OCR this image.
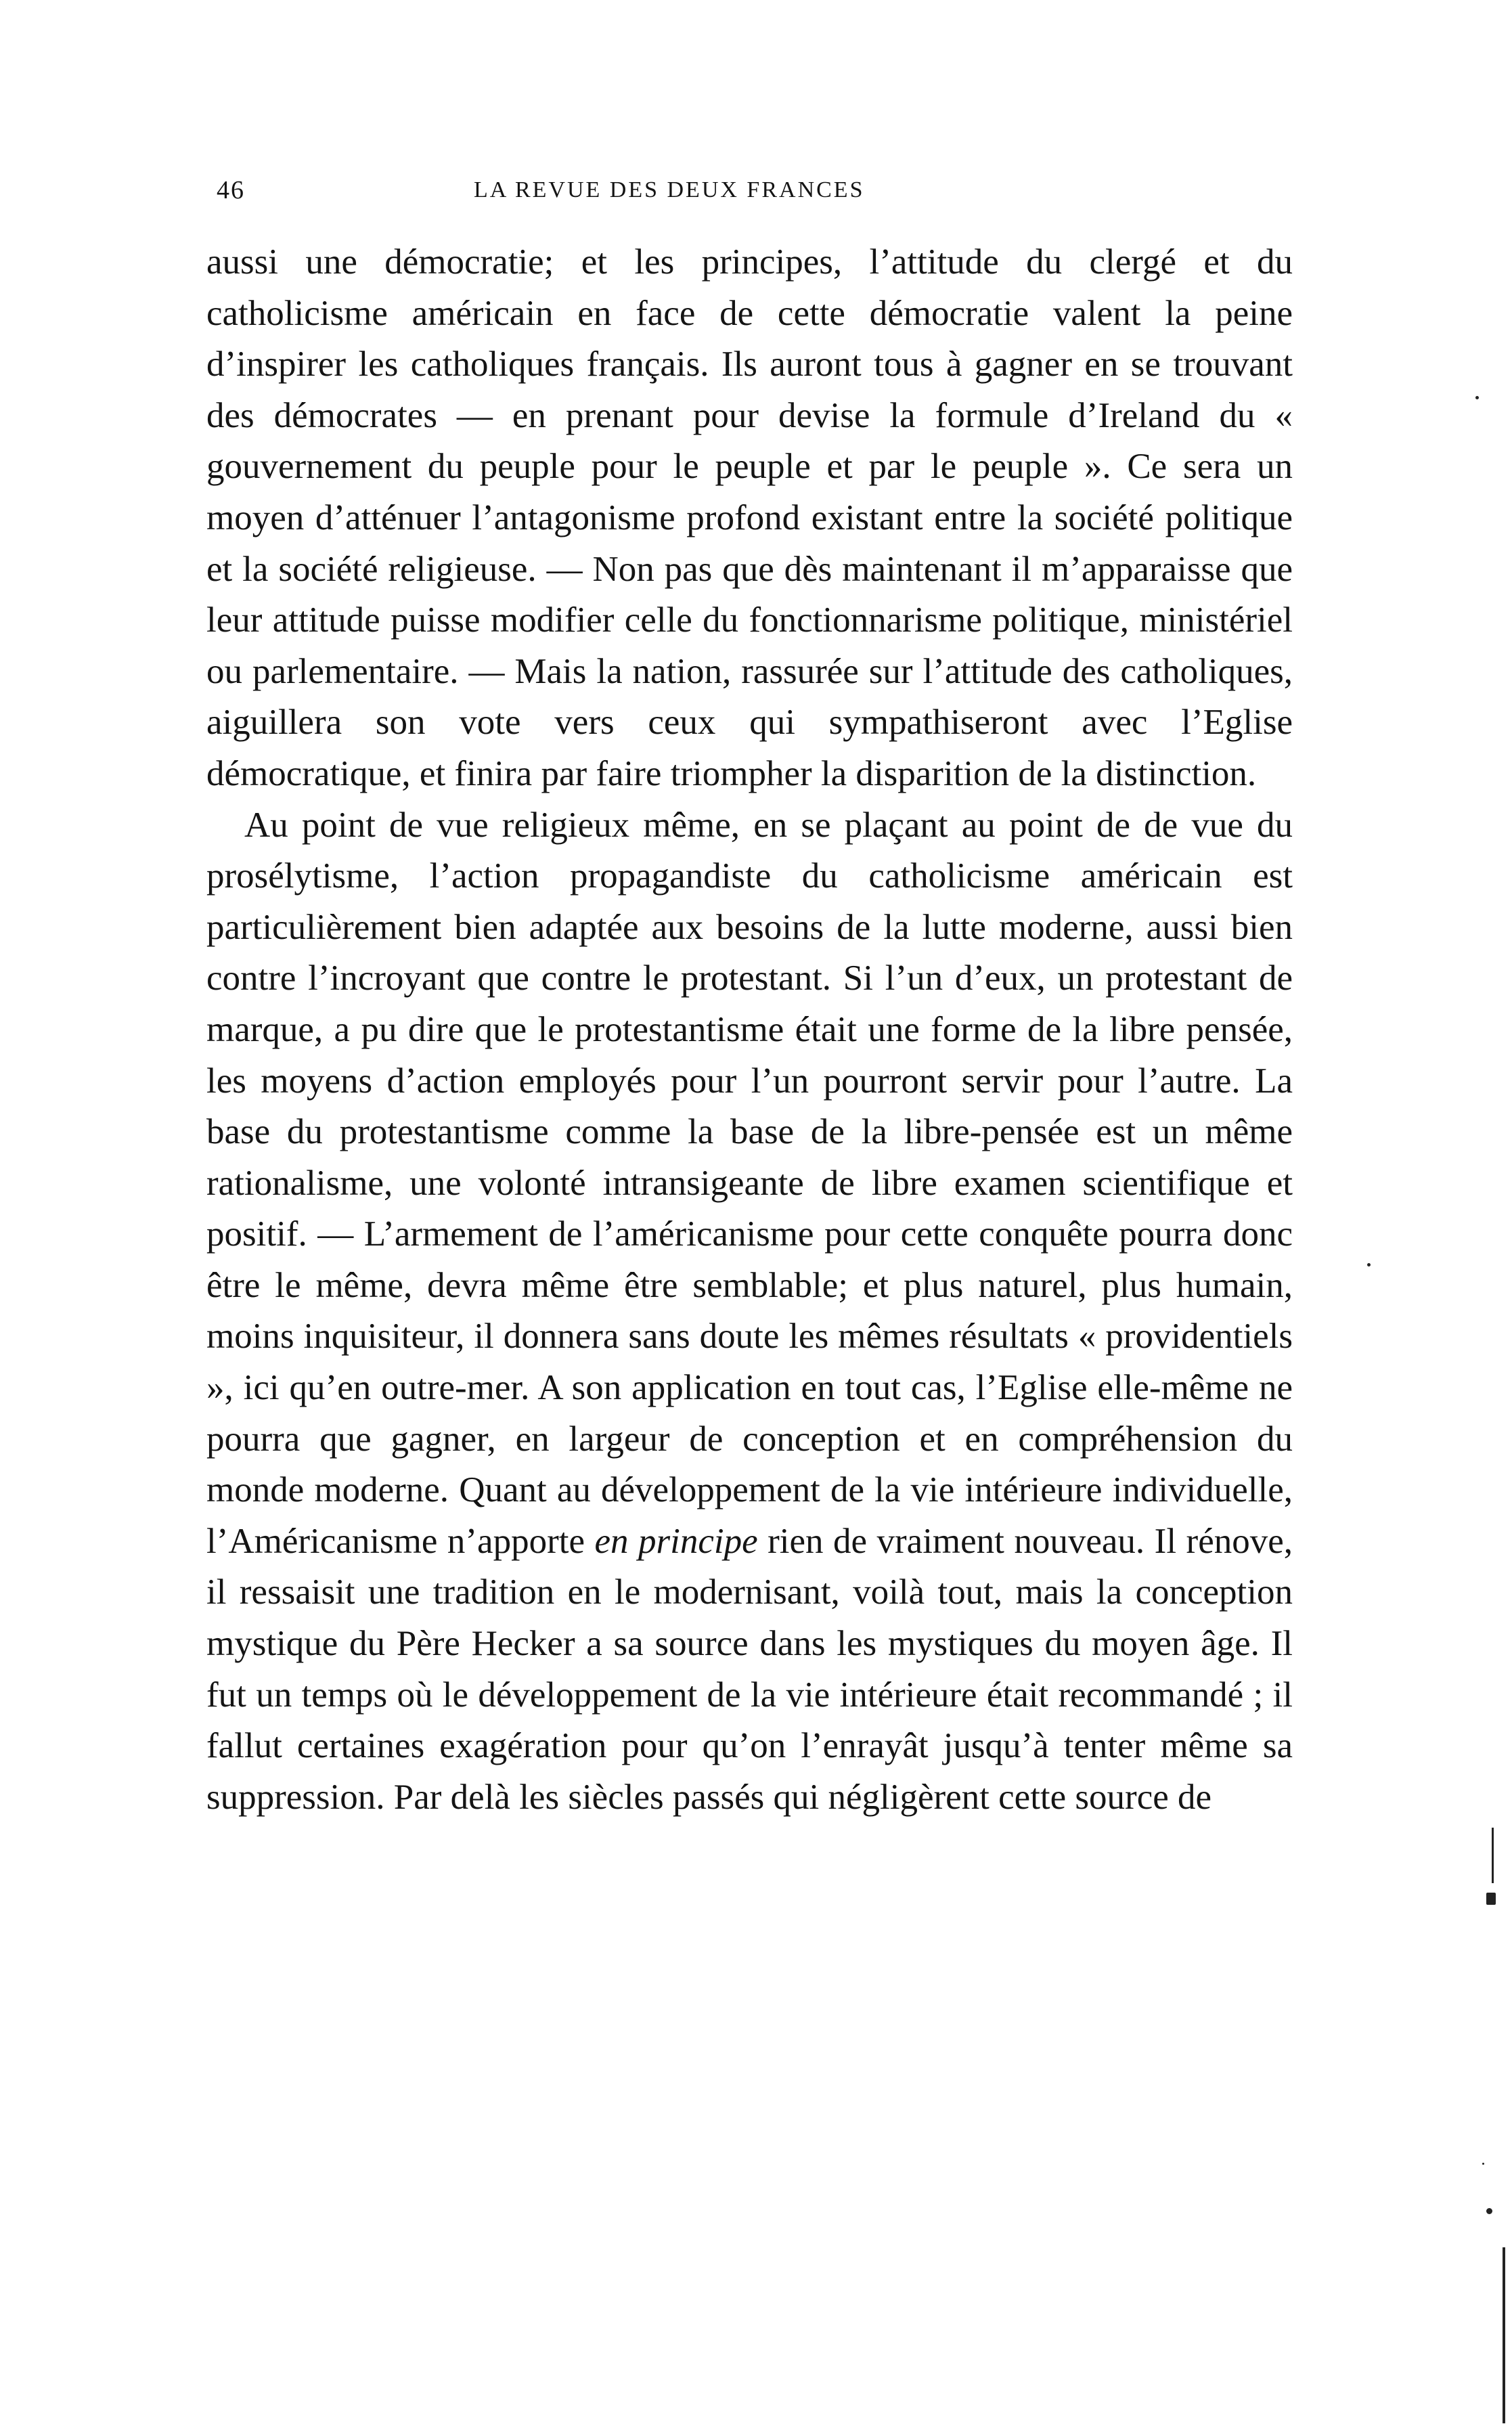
46	LA REVUE DES DEUX FRANCES

aussi une démocratie; et les principes, l’attitude du clergé et du catholicisme américain en face de cette démocratie valent la peine d’inspirer les catholiques français. Ils auront tous à gagner en se trouvant des démocrates — en prenant pour devise la formule d’Ireland du « gouvernement du peuple pour le peuple et par le peuple ». Ce sera un moyen d’atténuer l’antagonisme profond existant entre la société politique et la société religieuse. — Non pas que dès maintenant il m’apparaisse que leur attitude puisse modifier celle du fonctionnarisme politique, ministériel ou parlementaire. — Mais la nation, rassurée sur l’attitude des catholiques, aiguillera son vote vers ceux qui sympathiseront avec l’Eglise démocratique, et finira par faire triompher la disparition de la distinction.

Au point de vue religieux même, en se plaçant au point de de vue du prosélytisme, l’action propagandiste du catholicisme américain est particulièrement bien adaptée aux besoins de la lutte moderne, aussi bien contre l’incroyant que contre le protestant. Si l’un d’eux, un protestant de marque, a pu dire que le protestantisme était une forme de la libre pensée, les moyens d’action employés pour l’un pourront servir pour l’autre. La base du protestantisme comme la base de la libre-pensée est un même rationalisme, une volonté intransigeante de libre examen scientifique et positif. — L’armement de l’américanisme pour cette conquête pourra donc être le même, devra même être semblable; et plus naturel, plus humain, moins inquisiteur, il donnera sans doute les mêmes résultats « providentiels », ici qu’en outre-mer. A son application en tout cas, l’Eglise elle-même ne pourra que gagner, en largeur de conception et en compréhension du monde moderne. Quant au développement de la vie intérieure individuelle, l’Américanisme n’apporte en principe rien de vraiment nouveau. Il rénove, il ressaisit une tradition en le modernisant, voilà tout, mais la conception mystique du Père Hecker a sa source dans les mystiques du moyen âge. Il fut un temps où le développement de la vie intérieure était recommandé ; il fallut certaines exagération pour qu’on l’enrayât jusqu’à tenter même sa suppression. Par delà les siècles passés qui négligèrent cette source de
